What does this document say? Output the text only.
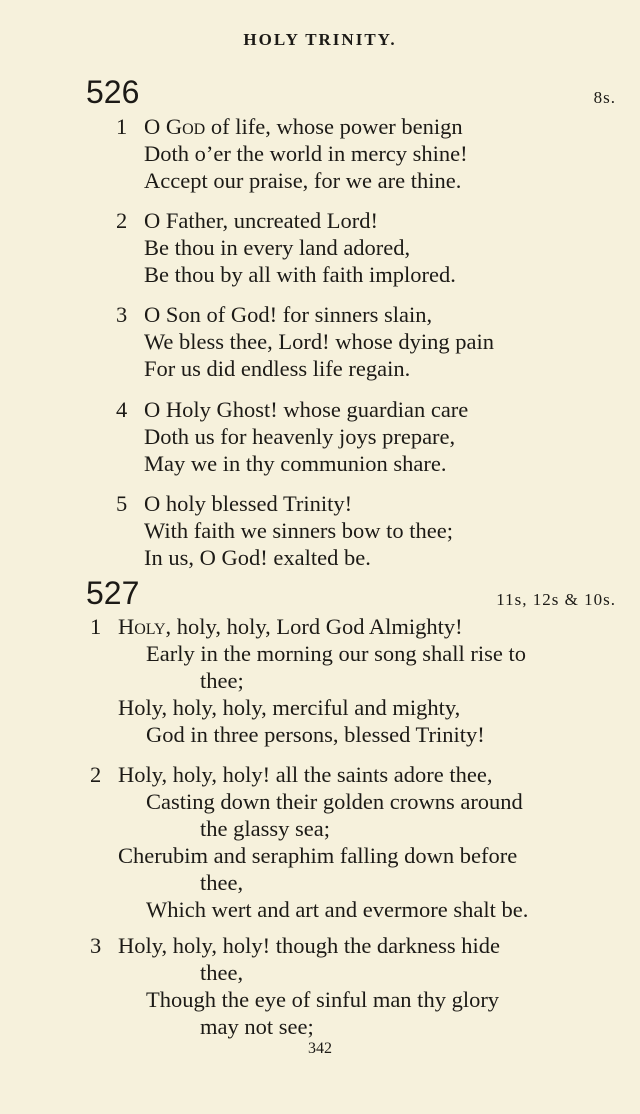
HOLY TRINITY.
526	8s.
1 O God of life, whose power benign
Doth o’er the world in mercy shine!
Accept our praise, for we are thine.
2 O Father, uncreated Lord!
Be thou in every land adored,
Be thou by all with faith implored.
3 O Son of God! for sinners slain,
We bless thee, Lord! whose dying pain
For us did endless life regain.
4 O Holy Ghost! whose guardian care
Doth us for heavenly joys prepare,
May we in thy communion share.
5 O holy blessed Trinity!
With faith we sinners bow to thee;
In us, O God! exalted be.
527	11s, 12s & 10s.
1 Holy, holy, holy, Lord God Almighty!
Early in the morning our song shall rise to
thee;
Holy, holy, holy, merciful and mighty,
God in three persons, blessed Trinity!
2 Holy, holy, holy! all the saints adore thee,
Casting down their golden crowns around
the glassy sea;
Cherubim and seraphim falling down before
thee,
Which wert and art and evermore shalt be.
3 Holy, holy, holy! though the darkness hide
thee,
Though the eye of sinful man thy glory
may not see;
342
